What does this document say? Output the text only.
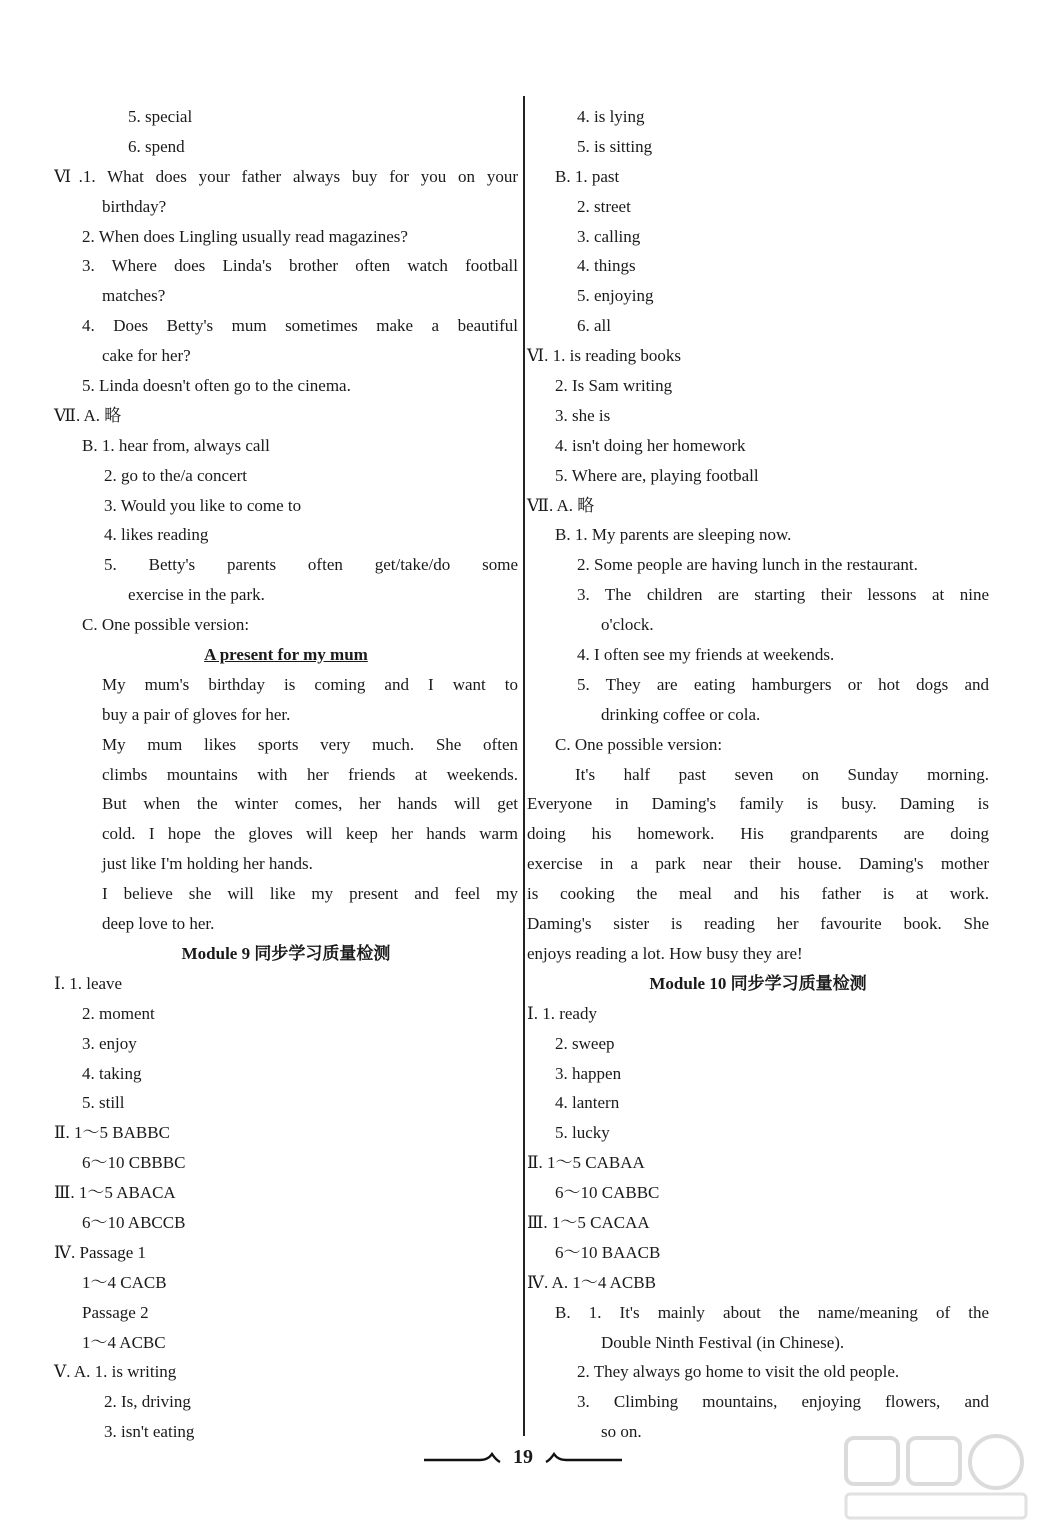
5. special
6. spend
Ⅵ.1. What does your father always buy for you on your
birthday?
2. When does Lingling usually read magazines?
3. Where does Linda's brother often watch football
matches?
4. Does Betty's mum sometimes make a beautiful
cake for her?
5. Linda doesn't often go to the cinema.
Ⅶ. A. 略
B. 1. hear from, always call
2. go to the/a concert
3. Would you like to come to
4. likes reading
5. Betty's parents often get/take/do some
exercise in the park.
C. One possible version:
A present for my mum
My mum's birthday is coming and I want to
buy a pair of gloves for her.
My mum likes sports very much. She often
climbs mountains with her friends at weekends.
But when the winter comes, her hands will get
cold. I hope the gloves will keep her hands warm
just like I'm holding her hands.
I believe she will like my present and feel my
deep love to her.
Module 9 同步学习质量检测
Ⅰ. 1. leave
2. moment
3. enjoy
4. taking
5. still
Ⅱ. 1～5 BABBC
6～10 CBBBC
Ⅲ. 1～5 ABACA
6～10 ABCCB
Ⅳ. Passage 1
1～4 CACB
Passage 2
1～4 ACBC
Ⅴ. A. 1. is writing
2. Is, driving
3. isn't eating
4. is lying
5. is sitting
B. 1. past
2. street
3. calling
4. things
5. enjoying
6. all
Ⅵ. 1. is reading books
2. Is Sam writing
3. she is
4. isn't doing her homework
5. Where are, playing football
Ⅶ. A. 略
B. 1. My parents are sleeping now.
2. Some people are having lunch in the restaurant.
3. The children are starting their lessons at nine
o'clock.
4. I often see my friends at weekends.
5. They are eating hamburgers or hot dogs and
drinking coffee or cola.
C. One possible version:
It's half past seven on Sunday morning.
Everyone in Daming's family is busy. Daming is
doing his homework. His grandparents are doing
exercise in a park near their house. Daming's mother
is cooking the meal and his father is at work.
Daming's sister is reading her favourite book. She
enjoys reading a lot. How busy they are!
Module 10 同步学习质量检测
Ⅰ. 1. ready
2. sweep
3. happen
4. lantern
5. lucky
Ⅱ. 1～5 CABAA
6～10 CABBC
Ⅲ. 1～5 CACAA
6～10 BAACB
Ⅳ. A. 1～4 ACBB
B. 1. It's mainly about the name/meaning of the
Double Ninth Festival (in Chinese).
2. They always go home to visit the old people.
3. Climbing mountains, enjoying flowers, and
so on.
19
